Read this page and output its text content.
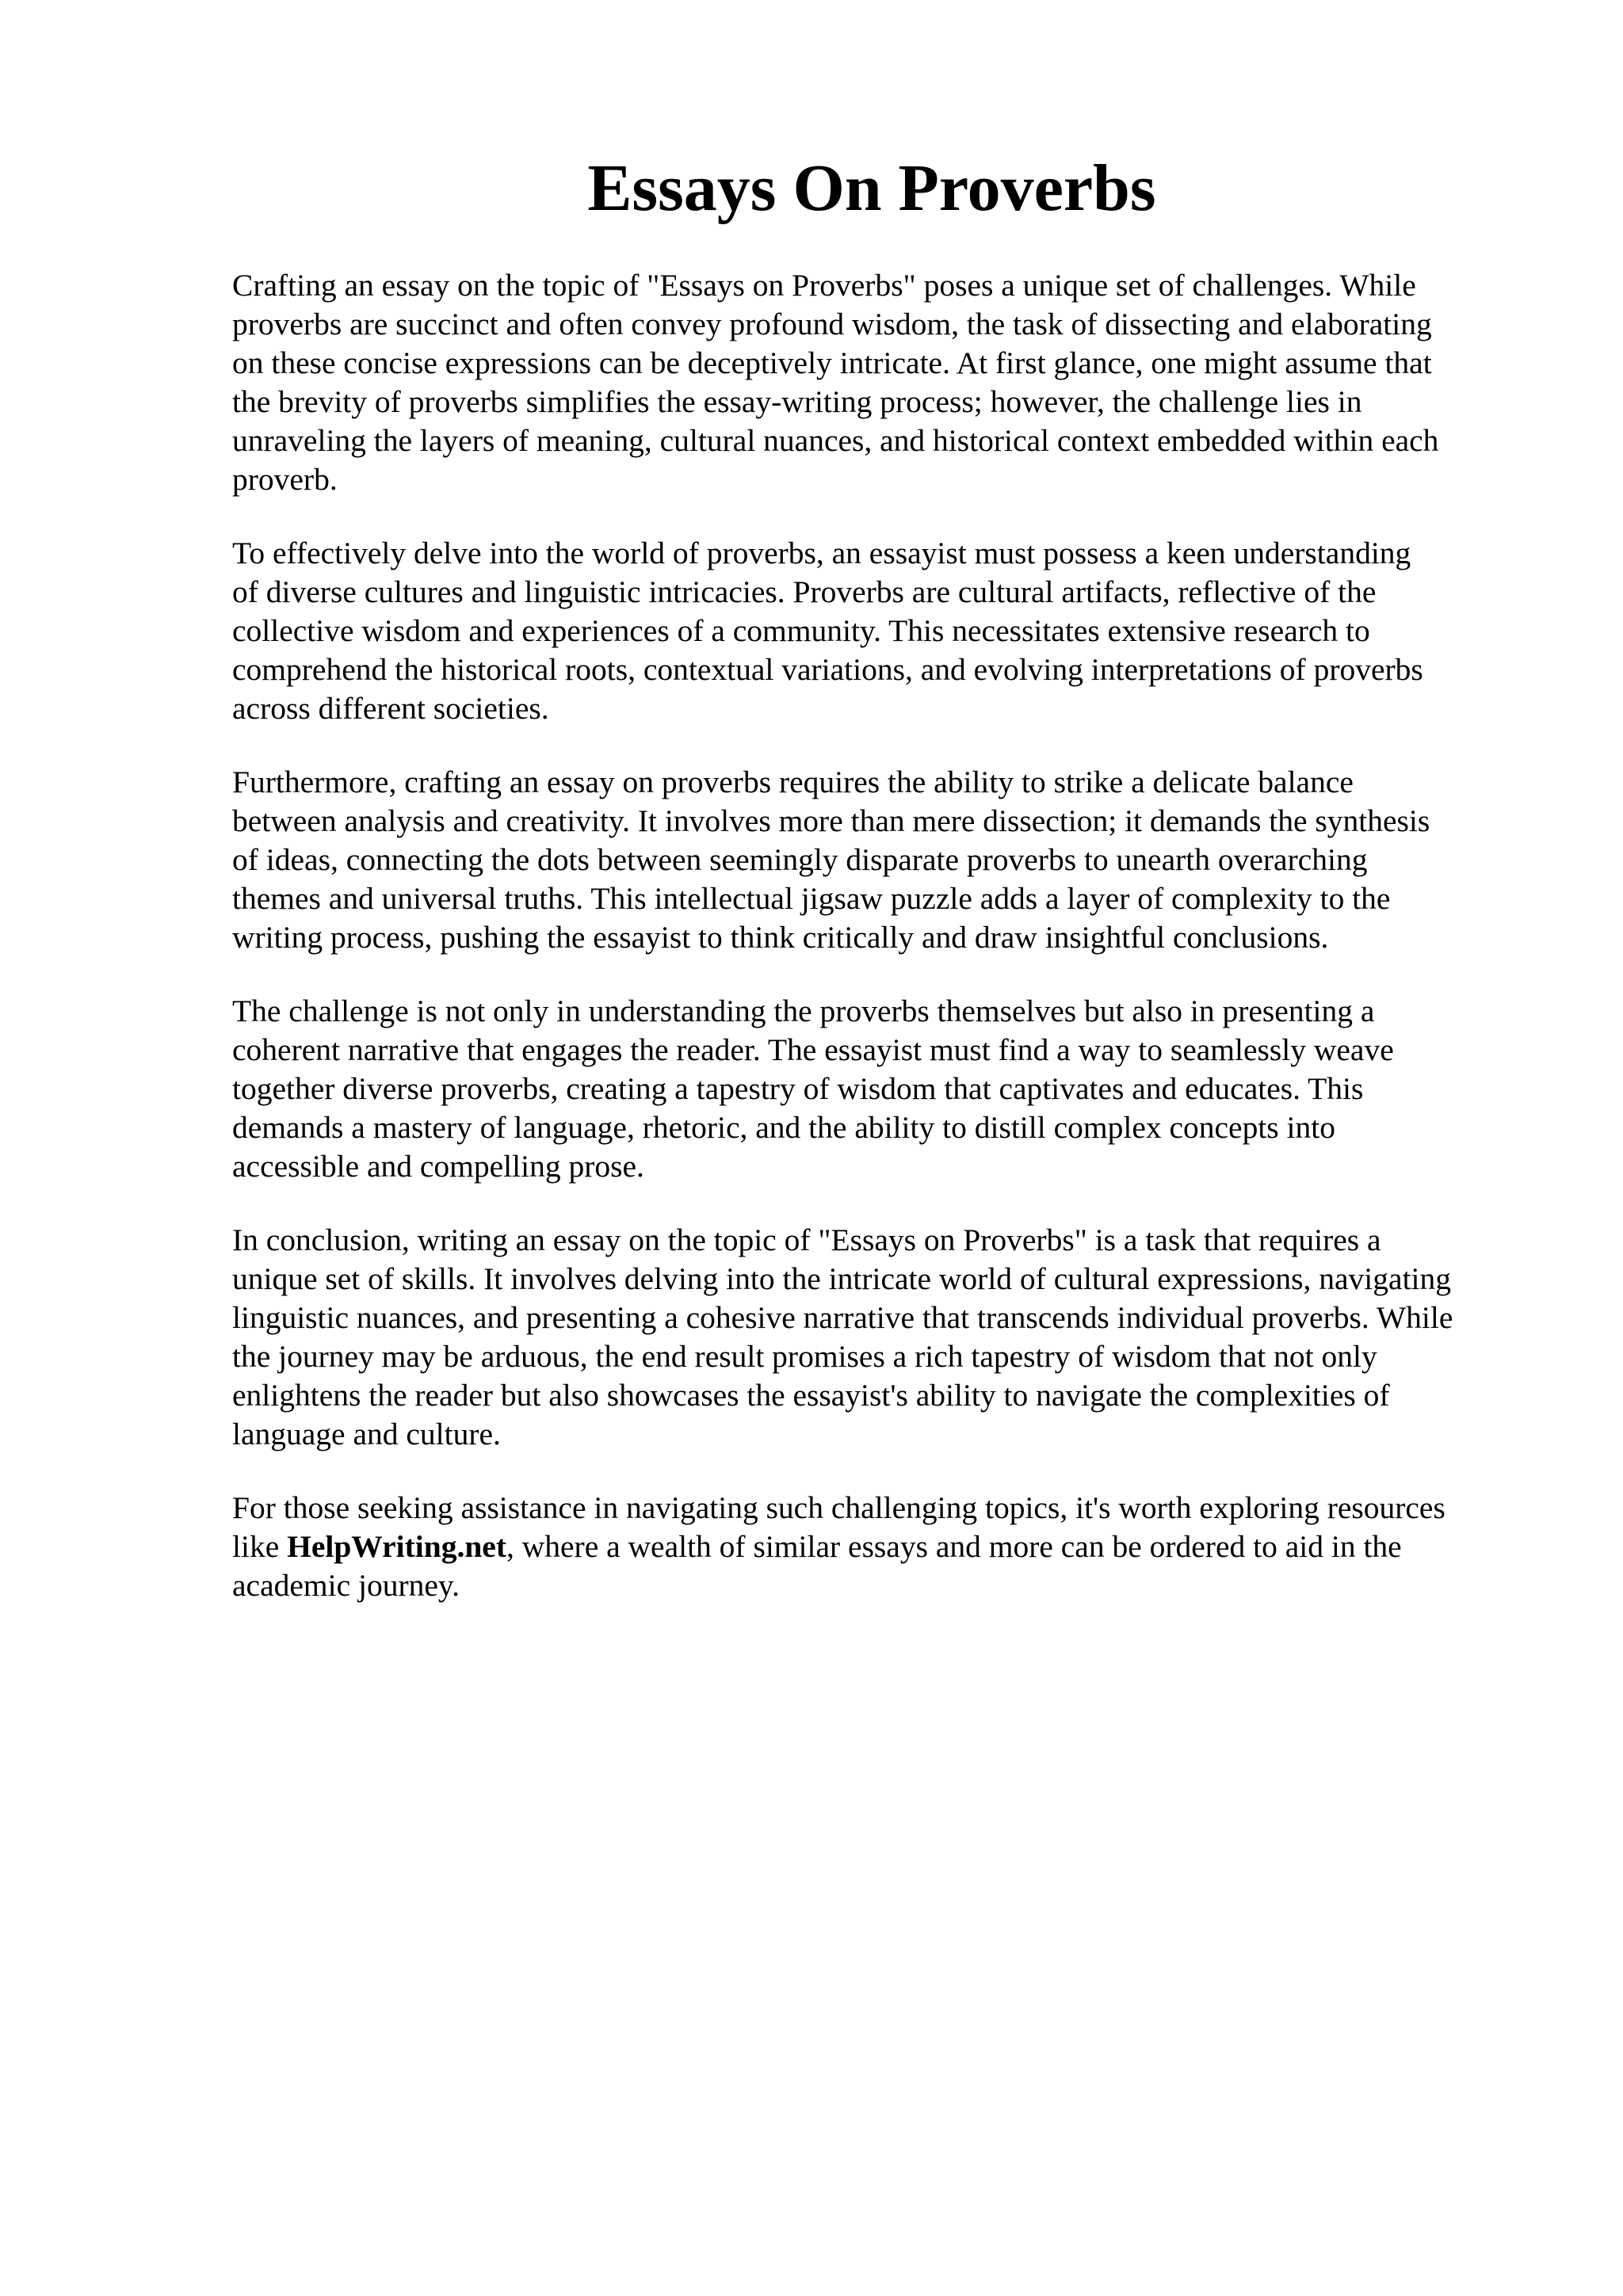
Essays On Proverbs

Crafting an essay on the topic of "Essays on Proverbs" poses a unique set of challenges. While
proverbs are succinct and often convey profound wisdom, the task of dissecting and elaborating
on these concise expressions can be deceptively intricate. At first glance, one might assume that
the brevity of proverbs simplifies the essay-writing process; however, the challenge lies in
unraveling the layers of meaning, cultural nuances, and historical context embedded within each
proverb.

To effectively delve into the world of proverbs, an essayist must possess a keen understanding
of diverse cultures and linguistic intricacies. Proverbs are cultural artifacts, reflective of the
collective wisdom and experiences of a community. This necessitates extensive research to
comprehend the historical roots, contextual variations, and evolving interpretations of proverbs
across different societies.

Furthermore, crafting an essay on proverbs requires the ability to strike a delicate balance
between analysis and creativity. It involves more than mere dissection; it demands the synthesis
of ideas, connecting the dots between seemingly disparate proverbs to unearth overarching
themes and universal truths. This intellectual jigsaw puzzle adds a layer of complexity to the
writing process, pushing the essayist to think critically and draw insightful conclusions.

The challenge is not only in understanding the proverbs themselves but also in presenting a
coherent narrative that engages the reader. The essayist must find a way to seamlessly weave
together diverse proverbs, creating a tapestry of wisdom that captivates and educates. This
demands a mastery of language, rhetoric, and the ability to distill complex concepts into
accessible and compelling prose.

In conclusion, writing an essay on the topic of "Essays on Proverbs" is a task that requires a
unique set of skills. It involves delving into the intricate world of cultural expressions, navigating
linguistic nuances, and presenting a cohesive narrative that transcends individual proverbs. While
the journey may be arduous, the end result promises a rich tapestry of wisdom that not only
enlightens the reader but also showcases the essayist's ability to navigate the complexities of
language and culture.

For those seeking assistance in navigating such challenging topics, it's worth exploring resources
like HelpWriting.net, where a wealth of similar essays and more can be ordered to aid in the
academic journey.
